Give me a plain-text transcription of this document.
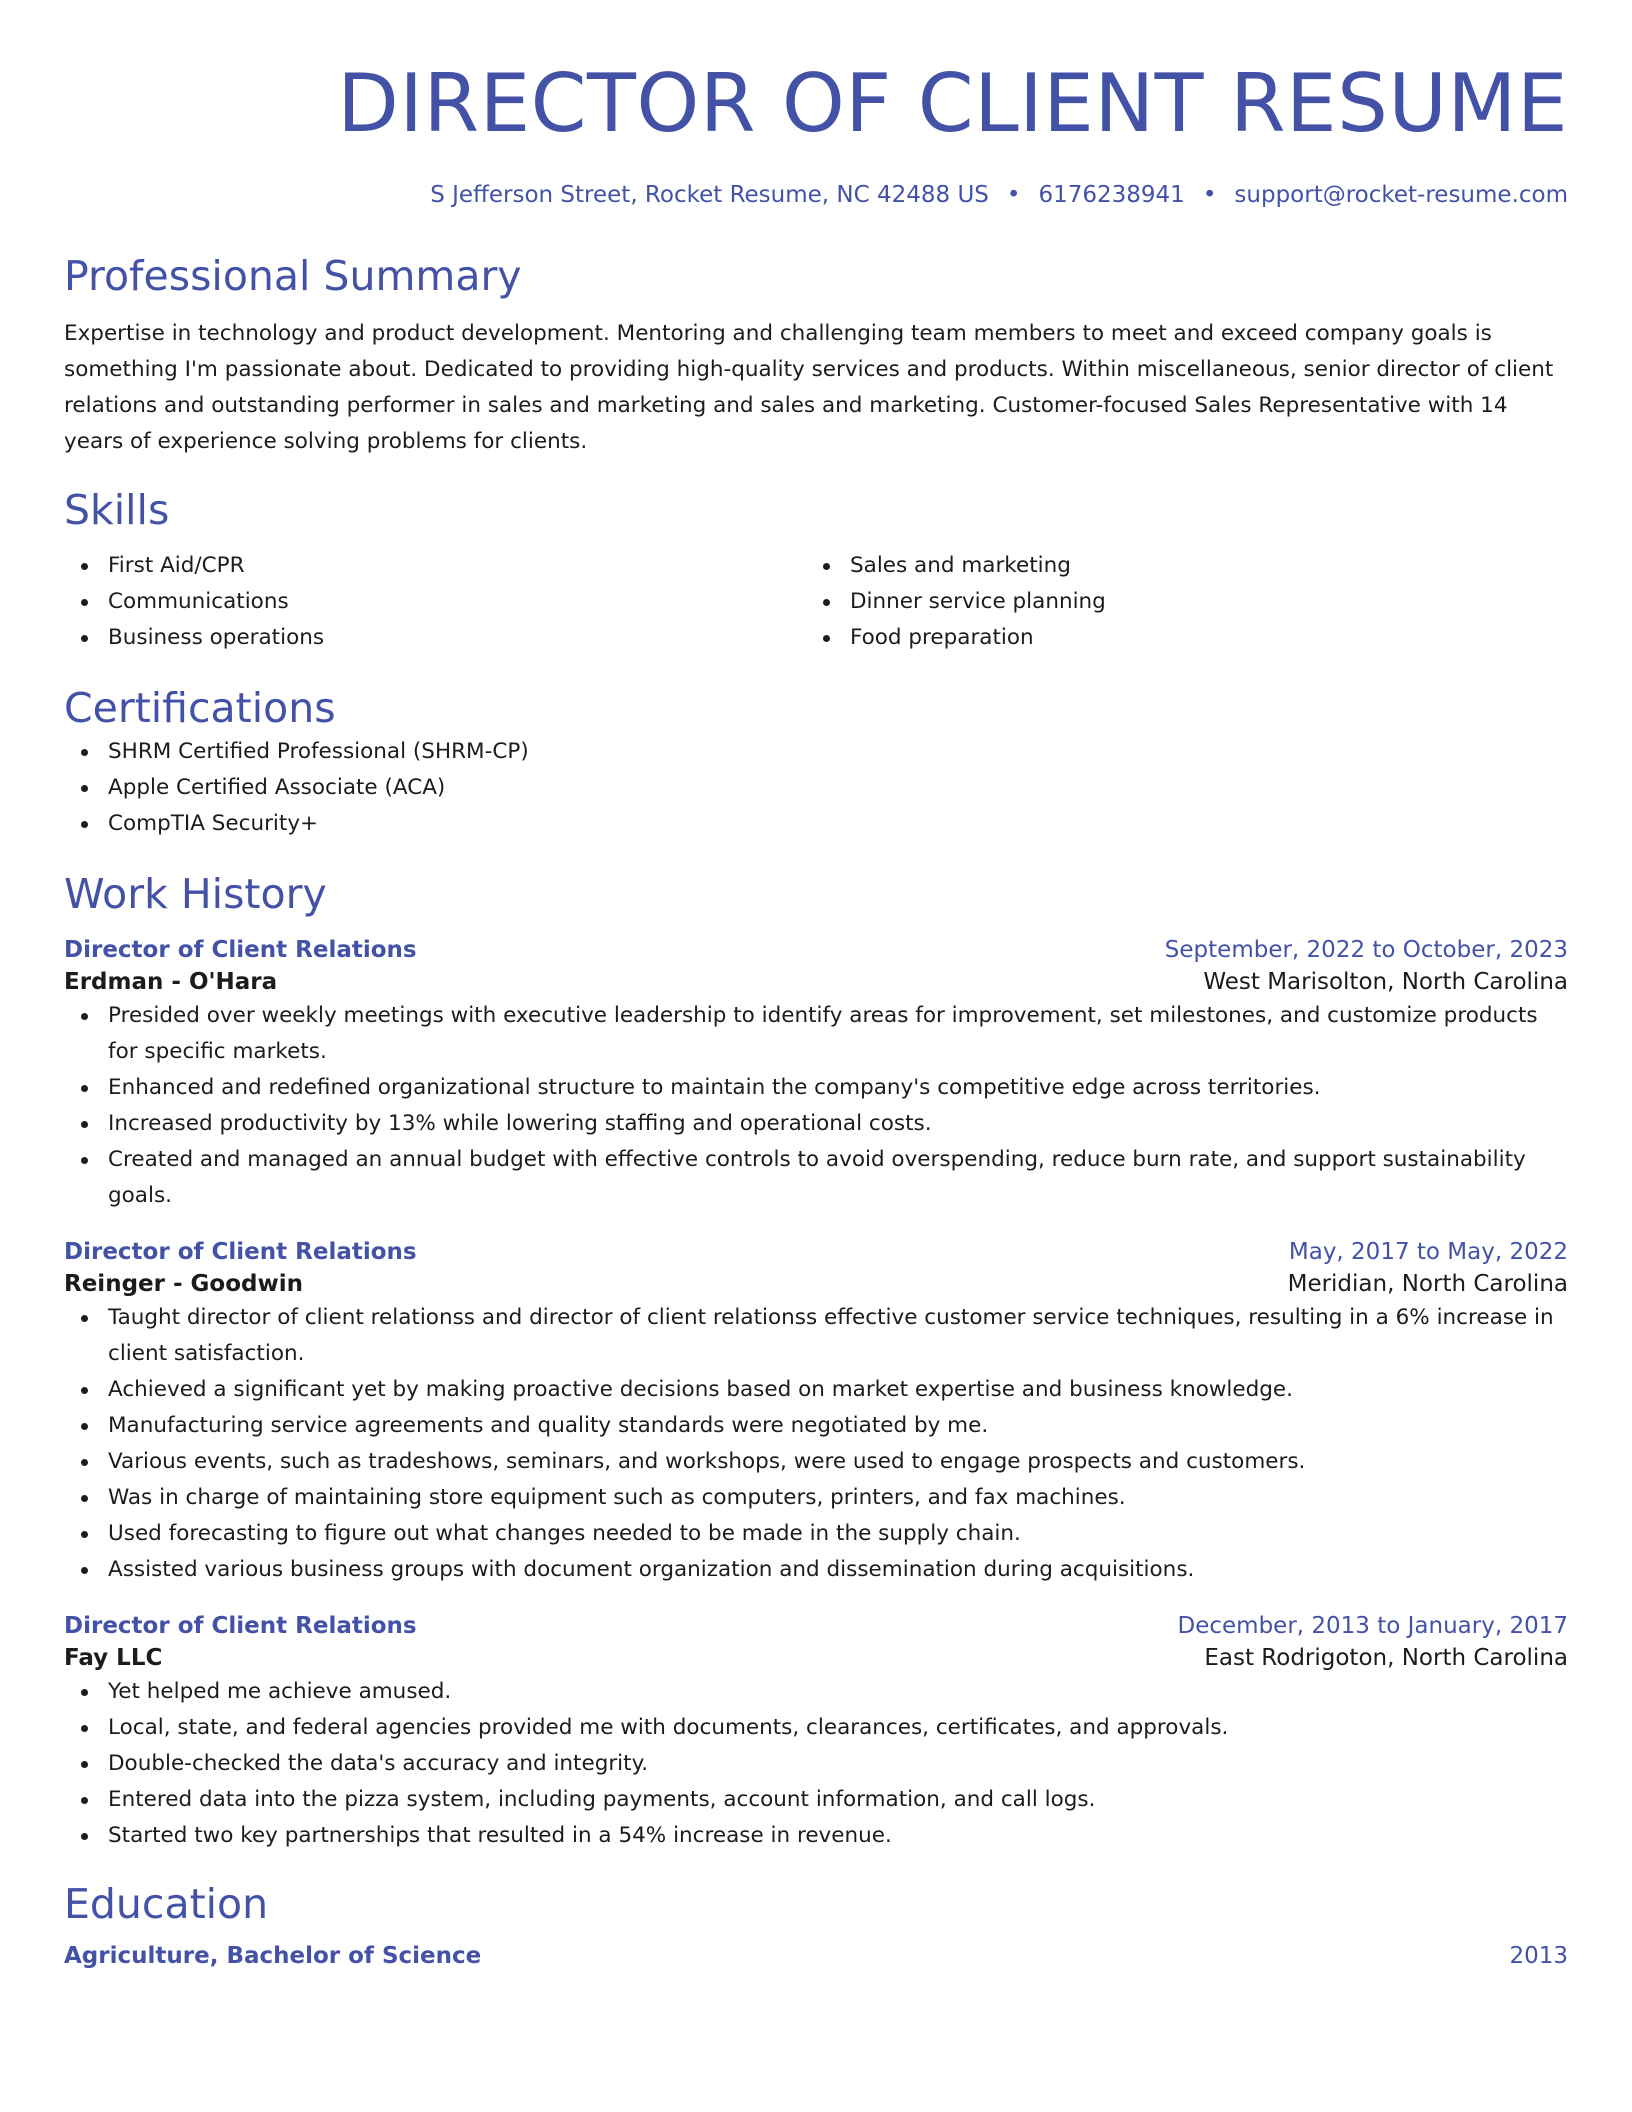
DIRECTOR OF CLIENT RESUME
S Jefferson Street, Rocket Resume, NC 42488 US • 6176238941 • support@rocket-resume.com
Professional Summary
Expertise in technology and product development. Mentoring and challenging team members to meet and exceed company goals is something I'm passionate about. Dedicated to providing high-quality services and products. Within miscellaneous, senior director of client relations and outstanding performer in sales and marketing and sales and marketing. Customer-focused Sales Representative with 14 years of experience solving problems for clients.
Skills
First Aid/CPR
Communications
Business operations
Sales and marketing
Dinner service planning
Food preparation
Certifications
SHRM Certified Professional (SHRM-CP)
Apple Certified Associate (ACA)
CompTIA Security+
Work History
Director of Client Relations	September, 2022 to October, 2023
Erdman - O'Hara	West Marisolton, North Carolina
Presided over weekly meetings with executive leadership to identify areas for improvement, set milestones, and customize products for specific markets.
Enhanced and redefined organizational structure to maintain the company's competitive edge across territories.
Increased productivity by 13% while lowering staffing and operational costs.
Created and managed an annual budget with effective controls to avoid overspending, reduce burn rate, and support sustainability goals.
Director of Client Relations	May, 2017 to May, 2022
Reinger - Goodwin	Meridian, North Carolina
Taught director of client relationss and director of client relationss effective customer service techniques, resulting in a 6% increase in client satisfaction.
Achieved a significant yet by making proactive decisions based on market expertise and business knowledge.
Manufacturing service agreements and quality standards were negotiated by me.
Various events, such as tradeshows, seminars, and workshops, were used to engage prospects and customers.
Was in charge of maintaining store equipment such as computers, printers, and fax machines.
Used forecasting to figure out what changes needed to be made in the supply chain.
Assisted various business groups with document organization and dissemination during acquisitions.
Director of Client Relations	December, 2013 to January, 2017
Fay LLC	East Rodrigoton, North Carolina
Yet helped me achieve amused.
Local, state, and federal agencies provided me with documents, clearances, certificates, and approvals.
Double-checked the data's accuracy and integrity.
Entered data into the pizza system, including payments, account information, and call logs.
Started two key partnerships that resulted in a 54% increase in revenue.
Education
Agriculture, Bachelor of Science	2013
